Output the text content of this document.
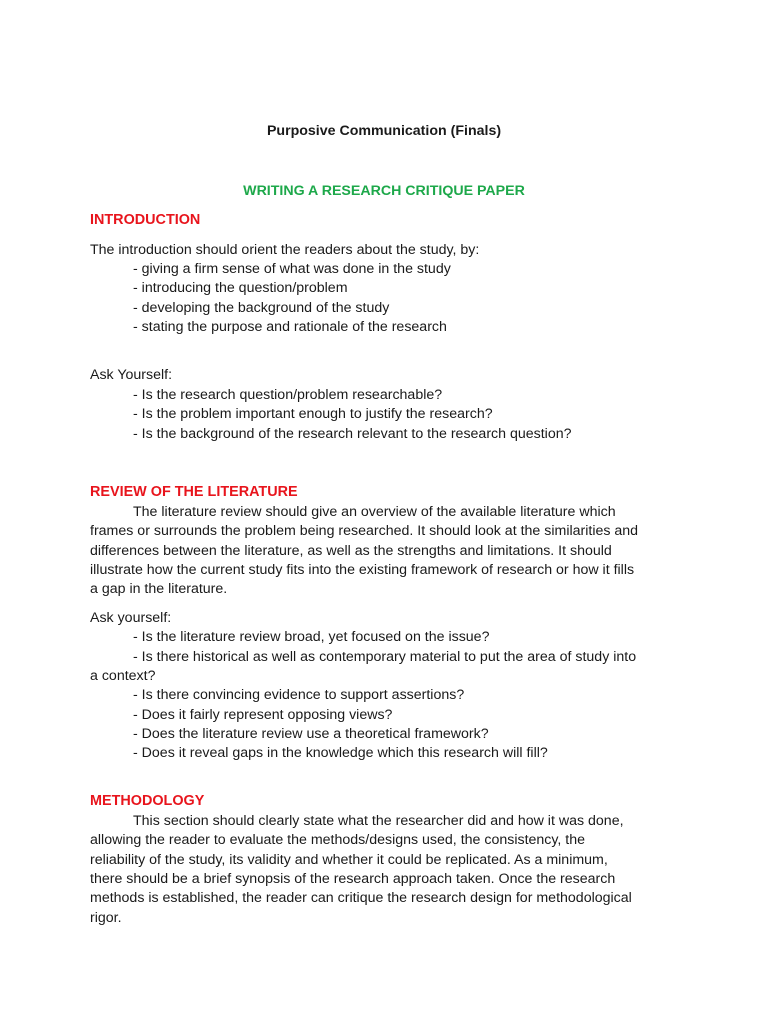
Purposive Communication (Finals)

WRITING A RESEARCH CRITIQUE PAPER

INTRODUCTION

The introduction should orient the readers about the study, by:

- giving a firm sense of what was done in the study

- introducing the question/problem

- developing the background of the study

- stating the purpose and rationale of the research

Ask Yourself:

- Is the research question/problem researchable?

- Is the problem important enough to justify the research?

- Is the background of the research relevant to the research question?

REVIEW OF THE LITERATURE

The literature review should give an overview of the available literature which

frames or surrounds the problem being researched. It should look at the similarities and

differences between the literature, as well as the strengths and limitations. It should

illustrate how the current study fits into the existing framework of research or how it fills

a gap in the literature.

Ask yourself:

- Is the literature review broad, yet focused on the issue?

- Is there historical as well as contemporary material to put the area of study into

a context?

- Is there convincing evidence to support assertions?

- Does it fairly represent opposing views?

- Does the literature review use a theoretical framework?

- Does it reveal gaps in the knowledge which this research will fill?

METHODOLOGY

This section should clearly state what the researcher did and how it was done,

allowing the reader to evaluate the methods/designs used, the consistency, the

reliability of the study, its validity and whether it could be replicated. As a minimum,

there should be a brief synopsis of the research approach taken. Once the research

methods is established, the reader can critique the research design for methodological

rigor.
